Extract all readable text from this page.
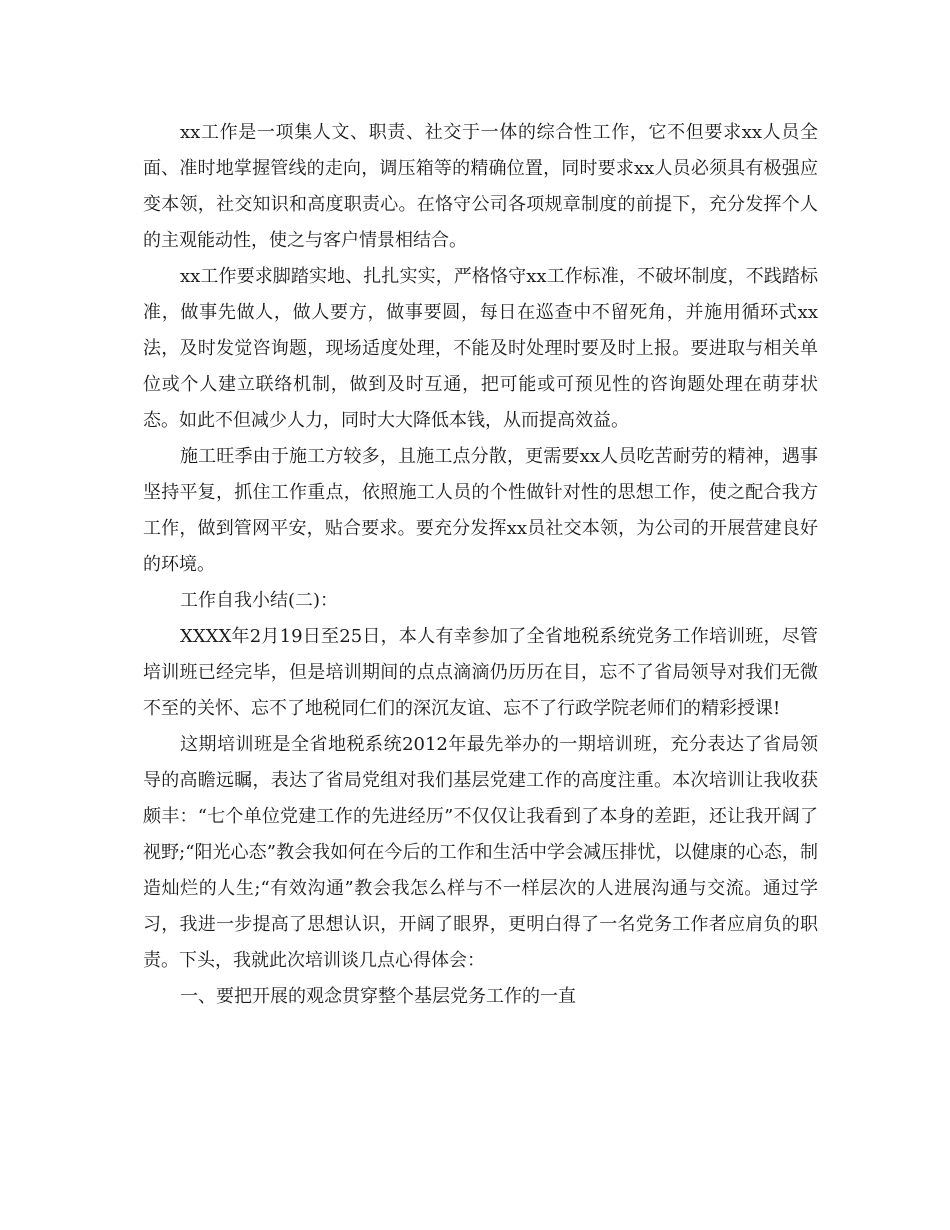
xx工作是一项集人文、职责、社交于一体的综合性工作，它不但要求xx人员全面、准时地掌握管线的走向，调压箱等的精确位置，同时要求xx人员必须具有极强应变本领，社交知识和高度职责心。在恪守公司各项规章制度的前提下，充分发挥个人的主观能动性，使之与客户情景相结合。

xx工作要求脚踏实地、扎扎实实，严格恪守xx工作标准，不破坏制度，不践踏标准，做事先做人，做人要方，做事要圆，每日在巡查中不留死角，并施用循环式xx法，及时发觉咨询题，现场适度处理，不能及时处理时要及时上报。要进取与相关单位或个人建立联络机制，做到及时互通，把可能或可预见性的咨询题处理在萌芽状态。如此不但减少人力，同时大大降低本钱，从而提高效益。

施工旺季由于施工方较多，且施工点分散，更需要xx人员吃苦耐劳的精神，遇事坚持平复，抓住工作重点，依照施工人员的个性做针对性的思想工作，使之配合我方工作，做到管网平安，贴合要求。要充分发挥xx员社交本领，为公司的开展营建良好的环境。

工作自我小结(二)：

XXXX年2月19日至25日，本人有幸参加了全省地税系统党务工作培训班，尽管培训班已经完毕，但是培训期间的点点滴滴仍历历在目，忘不了省局领导对我们无微不至的关怀、忘不了地税同仁们的深沉友谊、忘不了行政学院老师们的精彩授课!

这期培训班是全省地税系统2012年最先举办的一期培训班，充分表达了省局领导的高瞻远瞩，表达了省局党组对我们基层党建工作的高度注重。本次培训让我收获颇丰：“七个单位党建工作的先进经历”不仅仅让我看到了本身的差距，还让我开阔了视野;“阳光心态”教会我如何在今后的工作和生活中学会减压排忧，以健康的心态，制造灿烂的人生;“有效沟通”教会我怎么样与不一样层次的人进展沟通与交流。通过学习，我进一步提高了思想认识，开阔了眼界，更明白得了一名党务工作者应肩负的职责。下头，我就此次培训谈几点心得体会：

一、要把开展的观念贯穿整个基层党务工作的一直
